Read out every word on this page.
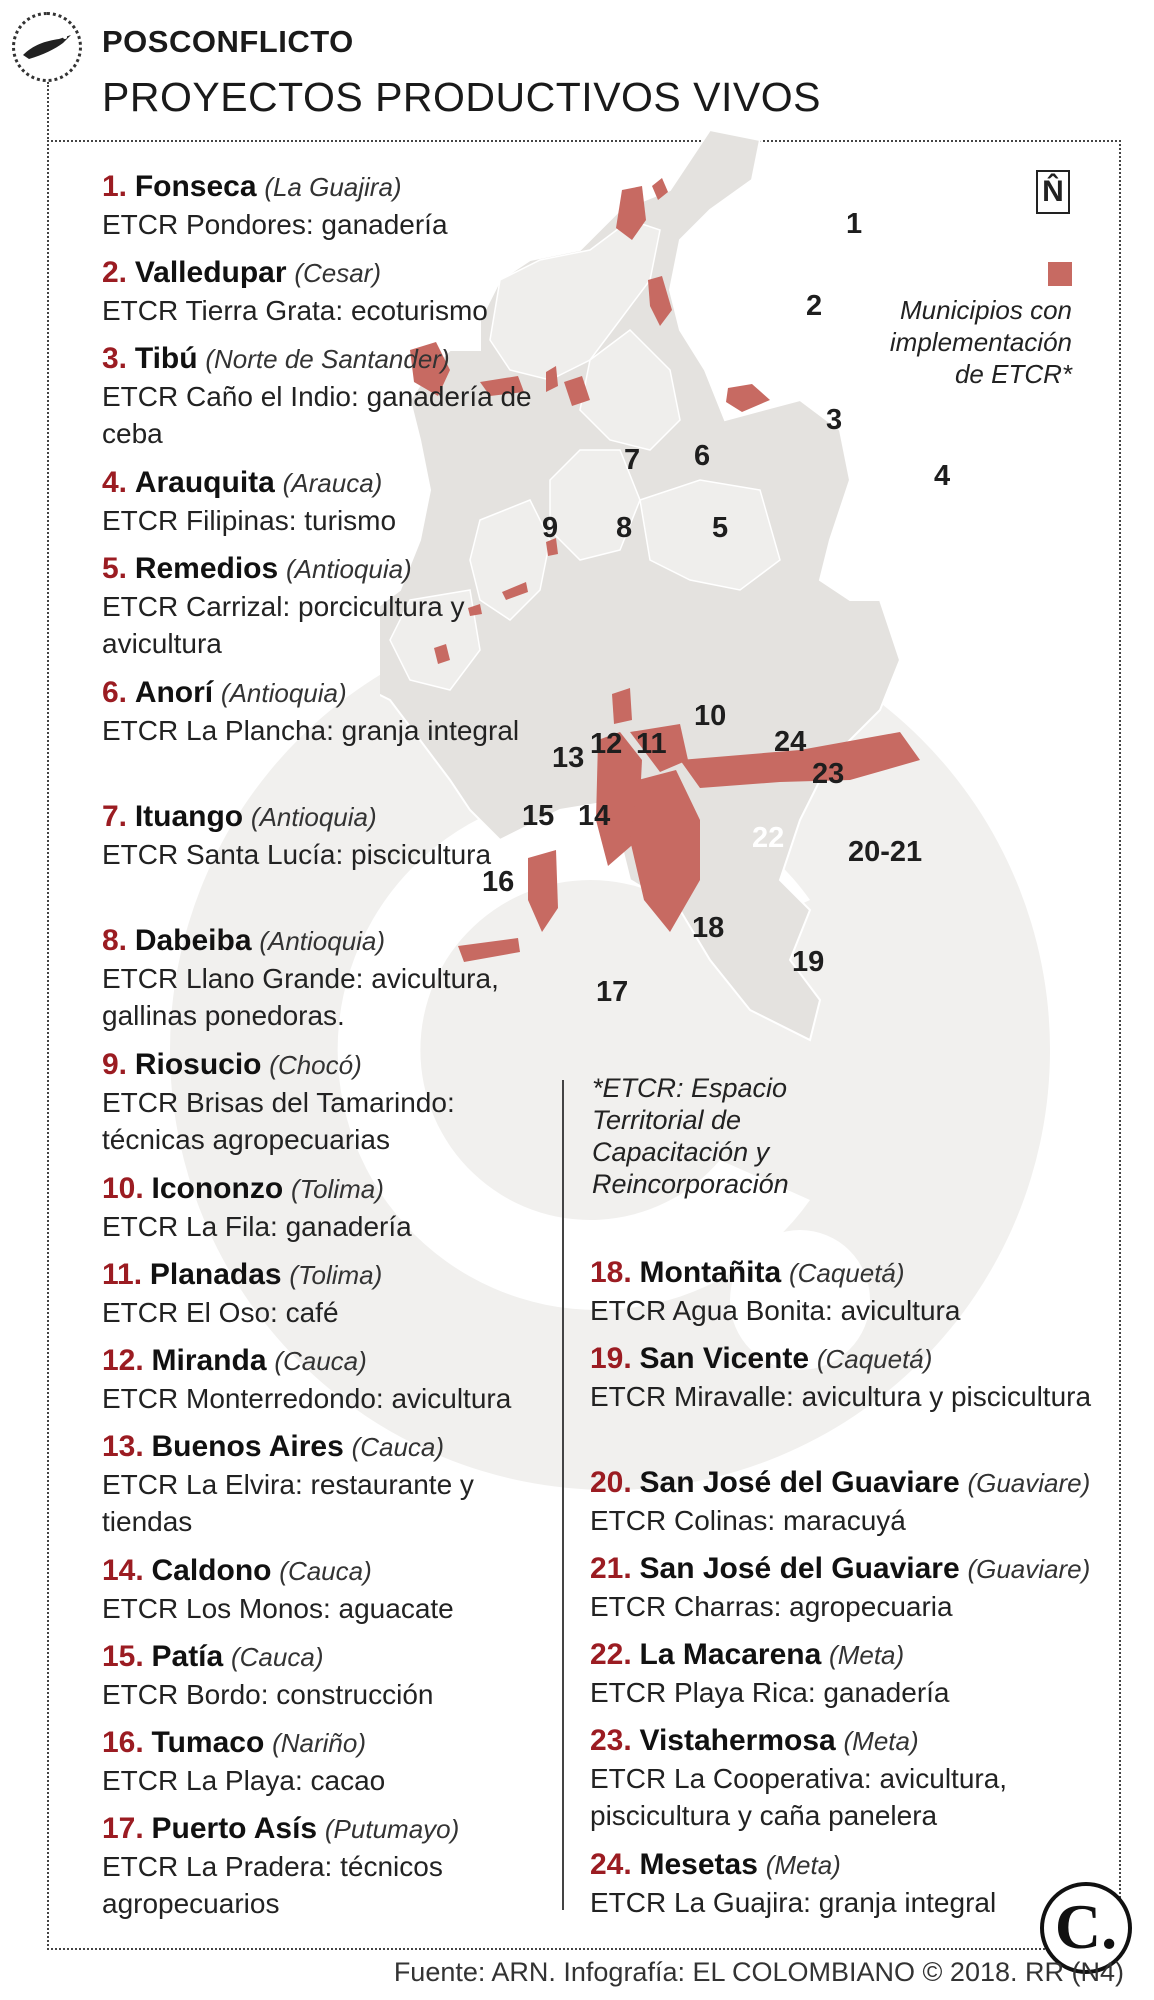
POSCONFLICTO
PROYECTOS PRODUCTIVOS VIVOS
1
2
3
4
5
6
7
8
9
10
11
12
13
14
15
16
17
18
19
20-21
22
23
24
N̂
Municipios con implementación de ETCR*
1. Fonseca (La Guajira)
ETCR Pondores: ganadería
2. Valledupar (Cesar)
ETCR Tierra Grata: ecoturismo
3. Tibú (Norte de Santander)
ETCR Caño el Indio: ganadería de ceba
4. Arauquita (Arauca)
ETCR Filipinas: turismo
5. Remedios (Antioquia)
ETCR Carrizal: porcicultura y avicultura
6. Anorí (Antioquia)
ETCR La Plancha: granja integral
7. Ituango (Antioquia)
ETCR Santa Lucía: piscicultura
8. Dabeiba (Antioquia)
ETCR Llano Grande: avicultura, gallinas ponedoras.
9. Riosucio (Chocó)
ETCR Brisas del Tamarindo: técnicas agropecuarias
10. Icononzo (Tolima)
ETCR La Fila: ganadería
11. Planadas (Tolima)
ETCR El Oso: café
12. Miranda (Cauca)
ETCR Monterredondo: avicultura
13. Buenos Aires (Cauca)
ETCR La Elvira: restaurante y tiendas
14. Caldono (Cauca)
ETCR Los Monos: aguacate
15. Patía (Cauca)
ETCR Bordo: construcción
16. Tumaco (Nariño)
ETCR La Playa: cacao
17. Puerto Asís (Putumayo)
ETCR La Pradera: técnicos agropecuarios
*ETCR: Espacio
Territorial de
Capacitación y
Reincorporación
18. Montañita (Caquetá)
ETCR Agua Bonita: avicultura
19. San Vicente (Caquetá)
ETCR Miravalle: avicultura y piscicultura
20. San José del Guaviare (Guaviare)
ETCR Colinas: maracuyá
21. San José del Guaviare (Guaviare)
ETCR Charras: agropecuaria
22. La Macarena (Meta)
ETCR Playa Rica: ganadería
23. Vistahermosa (Meta)
ETCR La Cooperativa: avicultura, piscicultura y caña panelera
24. Mesetas (Meta)
ETCR La Guajira: granja integral C.
Fuente: ARN. Infografía: EL COLOMBIANO © 2018. RR (N4)
